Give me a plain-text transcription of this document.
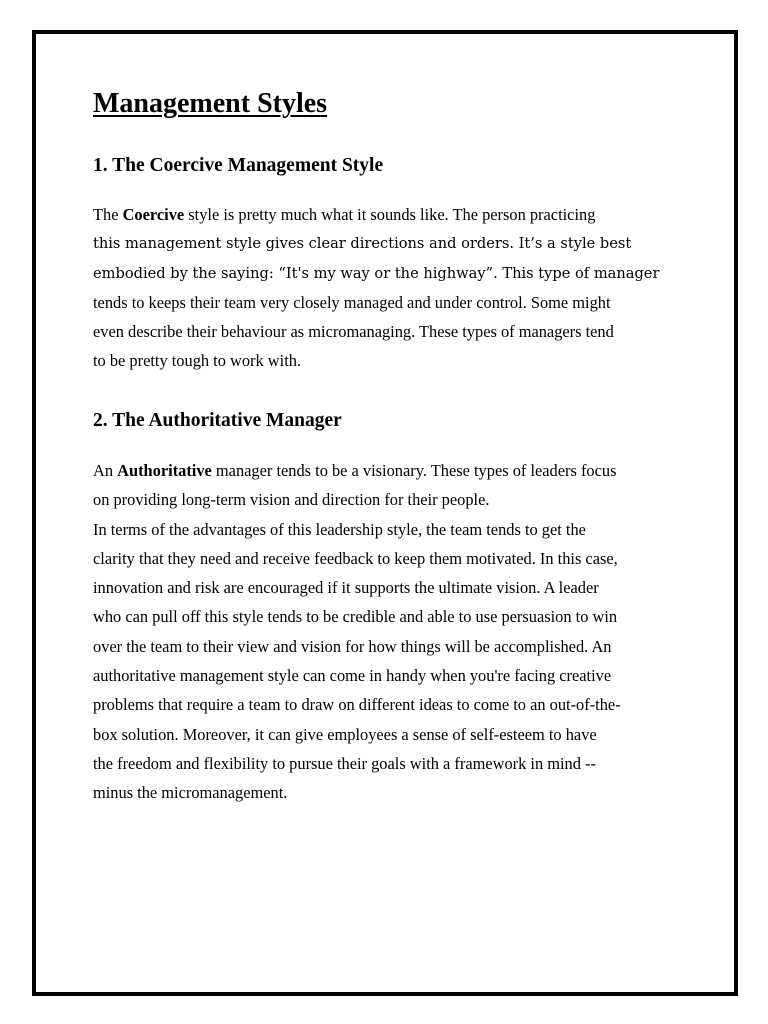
Management Styles
1. The Coercive Management Style
The Coercive style is pretty much what it sounds like. The person practicing
this management style gives clear directions and orders. It’s a style best
embodied by the saying: “It's my way or the highway”. This type of manager
tends to keeps their team very closely managed and under control. Some might
even describe their behaviour as micromanaging. These types of managers tend
to be pretty tough to work with.
2. The Authoritative Manager
An Authoritative manager tends to be a visionary. These types of leaders focus
on providing long-term vision and direction for their people.
In terms of the advantages of this leadership style, the team tends to get the
clarity that they need and receive feedback to keep them motivated. In this case,
innovation and risk are encouraged if it supports the ultimate vision. A leader
who can pull off this style tends to be credible and able to use persuasion to win
over the team to their view and vision for how things will be accomplished. An
authoritative management style can come in handy when you're facing creative
problems that require a team to draw on different ideas to come to an out-of-the-
box solution. Moreover, it can give employees a sense of self-esteem to have
the freedom and flexibility to pursue their goals with a framework in mind --
minus the micromanagement.
